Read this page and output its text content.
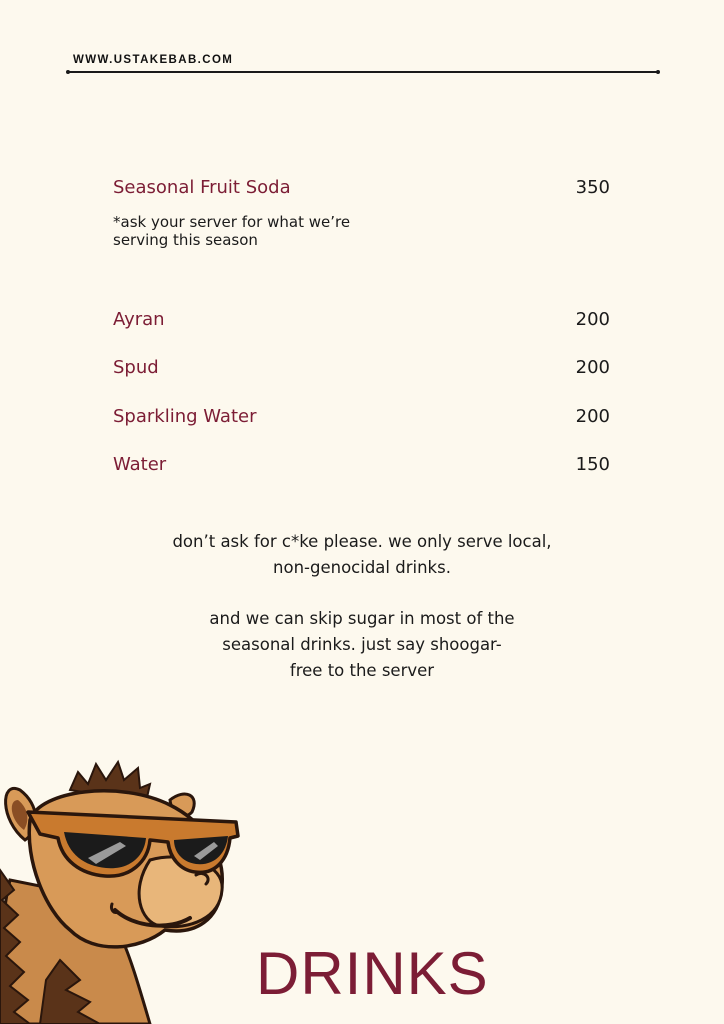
WWW.USTAKEBAB.COM
Seasonal Fruit Soda	350
*ask your server for what we’re serving this season
Ayran	200
Spud	200
Sparkling Water	200
Water	150
don’t ask for c*ke please. we only serve local,
non-genocidal drinks.
and we can skip sugar in most of the
seasonal drinks. just say shoogar-
free to the server
DRINKS
